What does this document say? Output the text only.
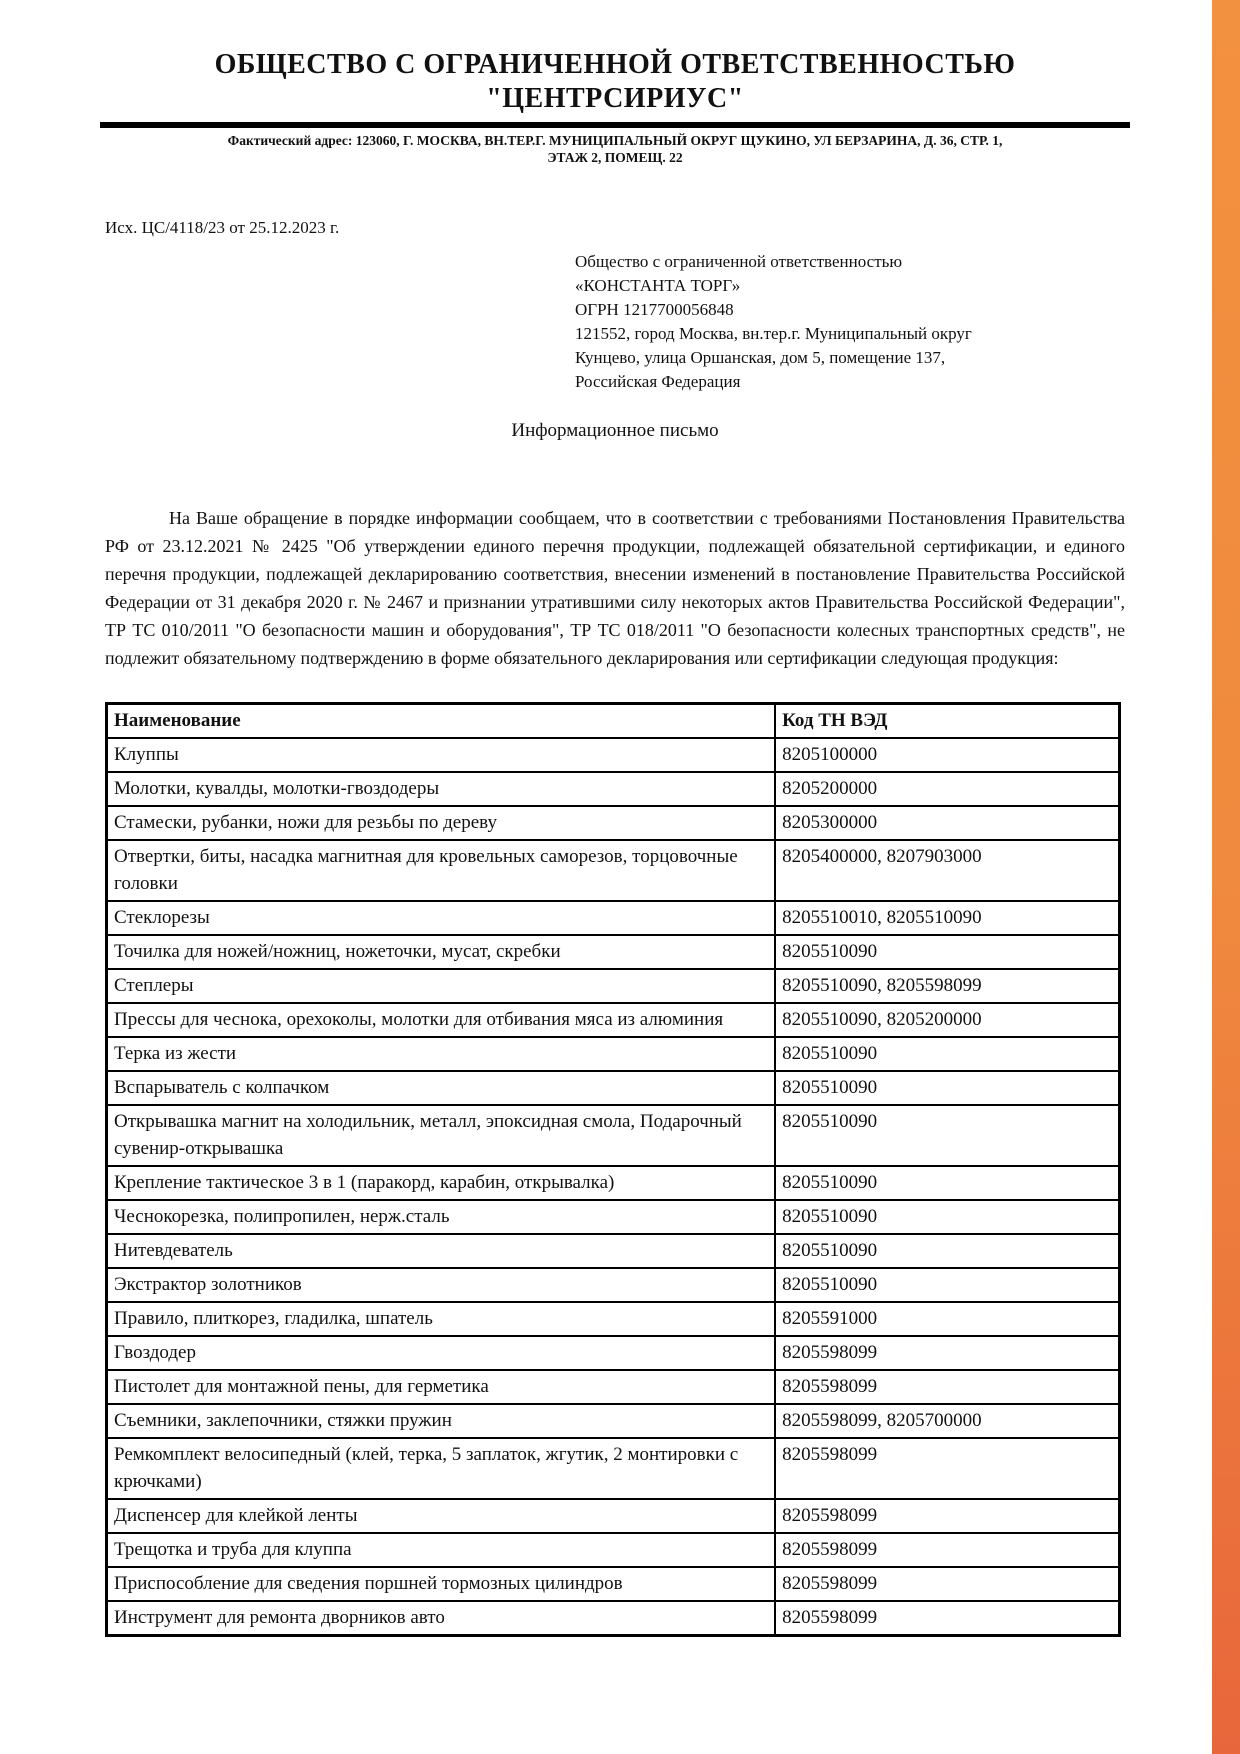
ОБЩЕСТВО С ОГРАНИЧЕННОЙ ОТВЕТСТВЕННОСТЬЮ
"ЦЕНТРСИРИУС"
Фактический адрес: 123060, Г. МОСКВА, ВН.ТЕР.Г. МУНИЦИПАЛЬНЫЙ ОКРУГ ЩУКИНО, УЛ БЕРЗАРИНА, Д. 36, СТР. 1,
ЭТАЖ 2, ПОМЕЩ. 22
Исх. ЦС/4118/23 от 25.12.2023 г.
Общество с ограниченной ответственностью
«КОНСТАНТА ТОРГ»
ОГРН 1217700056848
121552, город Москва, вн.тер.г. Муниципальный округ
Кунцево, улица Оршанская, дом 5, помещение 137,
Российская Федерация
Информационное письмо
На Ваше обращение в порядке информации сообщаем, что в соответствии с требованиями Постановления Правительства РФ от 23.12.2021 № 2425 "Об утверждении единого перечня продукции, подлежащей обязательной сертификации, и единого перечня продукции, подлежащей декларированию соответствия, внесении изменений в постановление Правительства Российской Федерации от 31 декабря 2020 г. № 2467 и признании утратившими силу некоторых актов Правительства Российской Федерации", ТР ТС 010/2011 "О безопасности машин и оборудования", ТР ТС 018/2011 "О безопасности колесных транспортных средств", не подлежит обязательному подтверждению в форме обязательного декларирования или сертификации следующая продукция:
Наименование	Код ТН ВЭД
Клуппы	8205100000
Молотки, кувалды, молотки-гвоздодеры	8205200000
Стамески, рубанки, ножи для резьбы по дереву	8205300000
Отвертки, биты, насадка магнитная для кровельных саморезов, торцовочные головки	8205400000, 8207903000
Стеклорезы	8205510010, 8205510090
Точилка для ножей/ножниц, ножеточки, мусат, скребки	8205510090
Степлеры	8205510090, 8205598099
Прессы для чеснока, орехоколы, молотки для отбивания мяса из алюминия	8205510090, 8205200000
Терка из жести	8205510090
Вспарыватель с колпачком	8205510090
Открывашка магнит на холодильник, металл, эпоксидная смола, Подарочный сувенир-открывашка	8205510090
Крепление тактическое 3 в 1 (паракорд, карабин, открывалка)	8205510090
Чеснокорезка, полипропилен, нерж.сталь	8205510090
Нитевдеватель	8205510090
Экстрактор золотников	8205510090
Правило, плиткорез, гладилка, шпатель	8205591000
Гвоздодер	8205598099
Пистолет для монтажной пены, для герметика	8205598099
Съемники, заклепочники, стяжки пружин	8205598099, 8205700000
Ремкомплект велосипедный (клей, терка, 5 заплаток, жгутик, 2 монтировки с крючками)	8205598099
Диспенсер для клейкой ленты	8205598099
Трещотка и труба для клуппа	8205598099
Приспособление для сведения поршней тормозных цилиндров	8205598099
Инструмент для ремонта дворников авто	8205598099
